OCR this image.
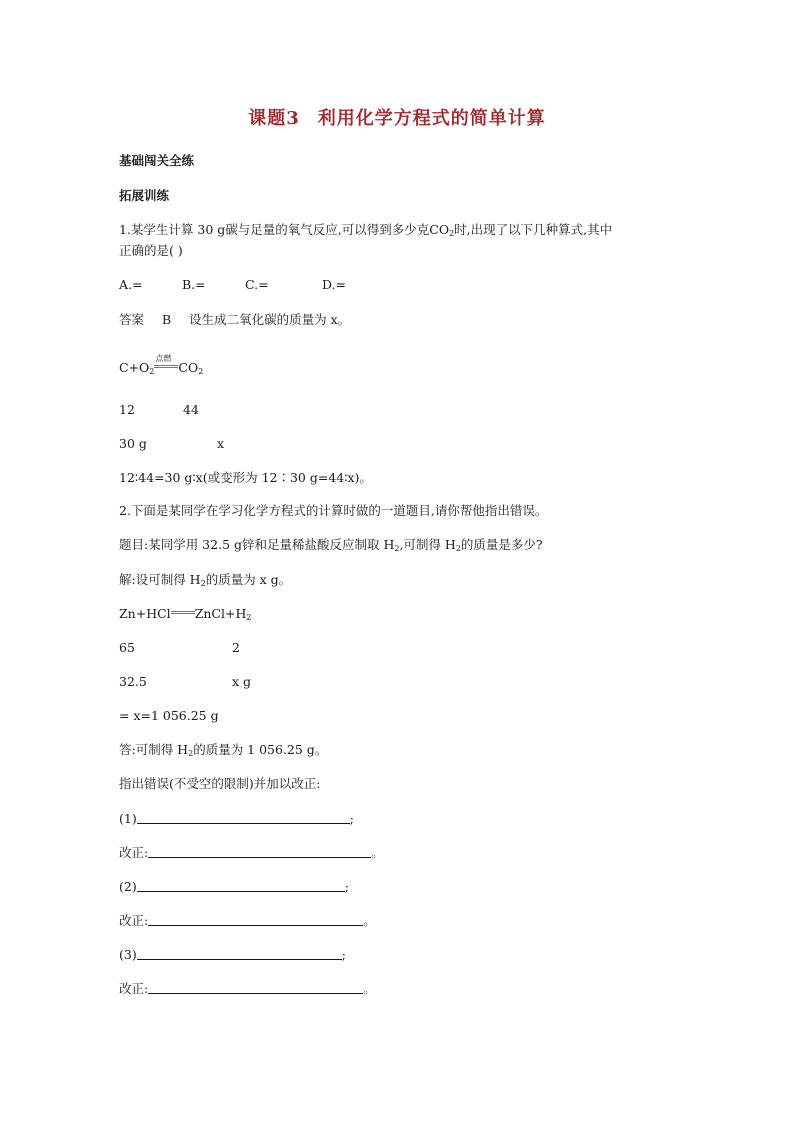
课题3 利用化学方程式的简单计算
基础闯关全练
拓展训练
1.某学生计算 30 g碳与足量的氧气反应,可以得到多少克$CO_2$时,出现了以下几种算式,其中
正确的是( )
A.=	B.=	C.=	D.=
答案 B 设生成二氧化碳的质量为 x。
$C+O_2$
点燃
$CO_2$
12	44
30 g	x
12∶44=30 g∶x(或变形为 12∶30 g=44∶x)。
2.下面是某同学在学习化学方程式的计算时做的一道题目,请你帮他指出错误。
题目:某同学用 32.5 g锌和足量稀盐酸反应制取 $H_2$,可制得 $H_2$的质量是多少?
解:设可制得 $H_2$的质量为 x g。
Zn+HCl $ZnCl+H_2$
65	2
32.5	x g
= x=1 056.25 g
答:可制得 $H_2$的质量为 1 056.25 g。
指出错误(不受空的限制)并加以改正:
(1)	;
改正:	。
(2)	;
改正:	。
(3)	;
改正:	。
